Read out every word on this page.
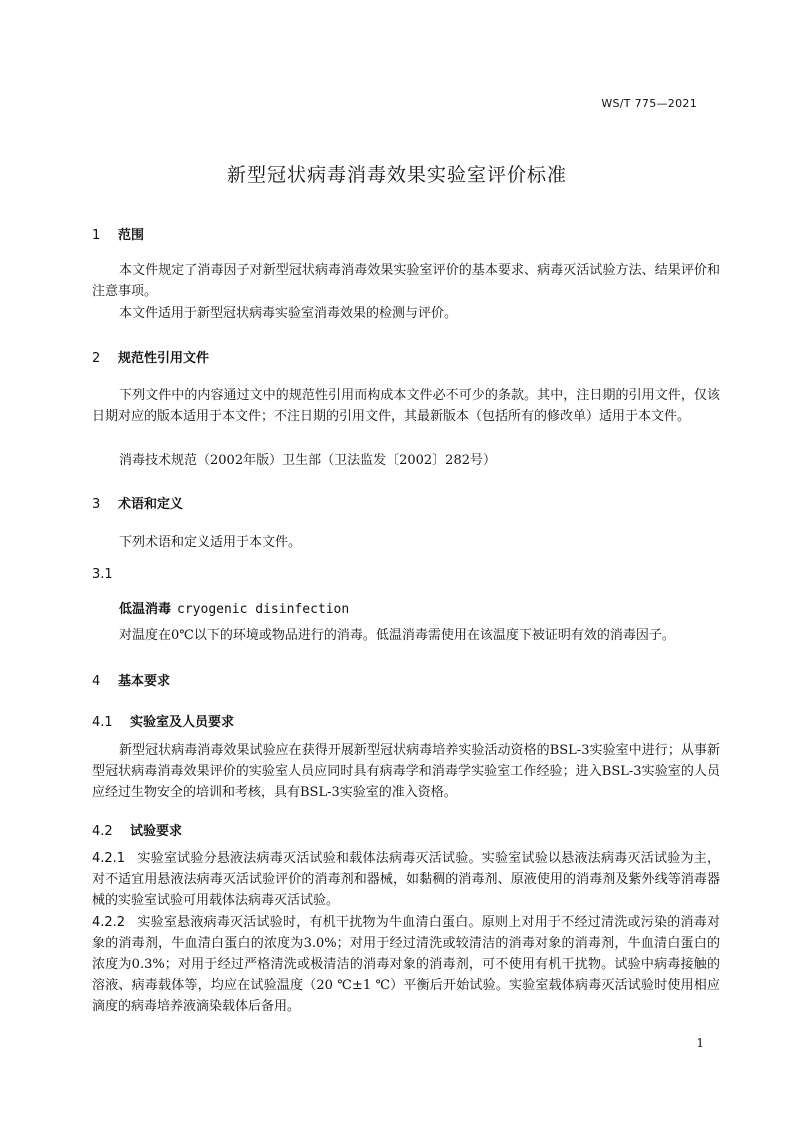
WS/T 775—2021
新型冠状病毒消毒效果实验室评价标准
1 范围
本文件规定了消毒因子对新型冠状病毒消毒效果实验室评价的基本要求、病毒灭活试验方法、结果评价和注意事项。
本文件适用于新型冠状病毒实验室消毒效果的检测与评价。
2 规范性引用文件
下列文件中的内容通过文中的规范性引用而构成本文件必不可少的条款。其中，注日期的引用文件，仅该日期对应的版本适用于本文件；不注日期的引用文件，其最新版本（包括所有的修改单）适用于本文件。
消毒技术规范（2002年版）卫生部（卫法监发〔2002〕282号）
3 术语和定义
下列术语和定义适用于本文件。
3.1
低温消毒 cryogenic disinfection
对温度在0℃以下的环境或物品进行的消毒。低温消毒需使用在该温度下被证明有效的消毒因子。
4 基本要求
4.1 实验室及人员要求
新型冠状病毒消毒效果试验应在获得开展新型冠状病毒培养实验活动资格的BSL-3实验室中进行；从事新型冠状病毒消毒效果评价的实验室人员应同时具有病毒学和消毒学实验室工作经验；进入BSL-3实验室的人员应经过生物安全的培训和考核，具有BSL-3实验室的准入资格。
4.2 试验要求
4.2.1 实验室试验分悬液法病毒灭活试验和载体法病毒灭活试验。实验室试验以悬液法病毒灭活试验为主，对不适宜用悬液法病毒灭活试验评价的消毒剂和器械，如黏稠的消毒剂、原液使用的消毒剂及紫外线等消毒器械的实验室试验可用载体法病毒灭活试验。
4.2.2 实验室悬液病毒灭活试验时，有机干扰物为牛血清白蛋白。原则上对用于不经过清洗或污染的消毒对象的消毒剂，牛血清白蛋白的浓度为3.0%；对用于经过清洗或较清洁的消毒对象的消毒剂，牛血清白蛋白的浓度为0.3%；对用于经过严格清洗或极清洁的消毒对象的消毒剂，可不使用有机干扰物。试验中病毒接触的溶液、病毒载体等，均应在试验温度（20 ℃±1 ℃）平衡后开始试验。实验室载体病毒灭活试验时使用相应滴度的病毒培养液滴染载体后备用。
1
